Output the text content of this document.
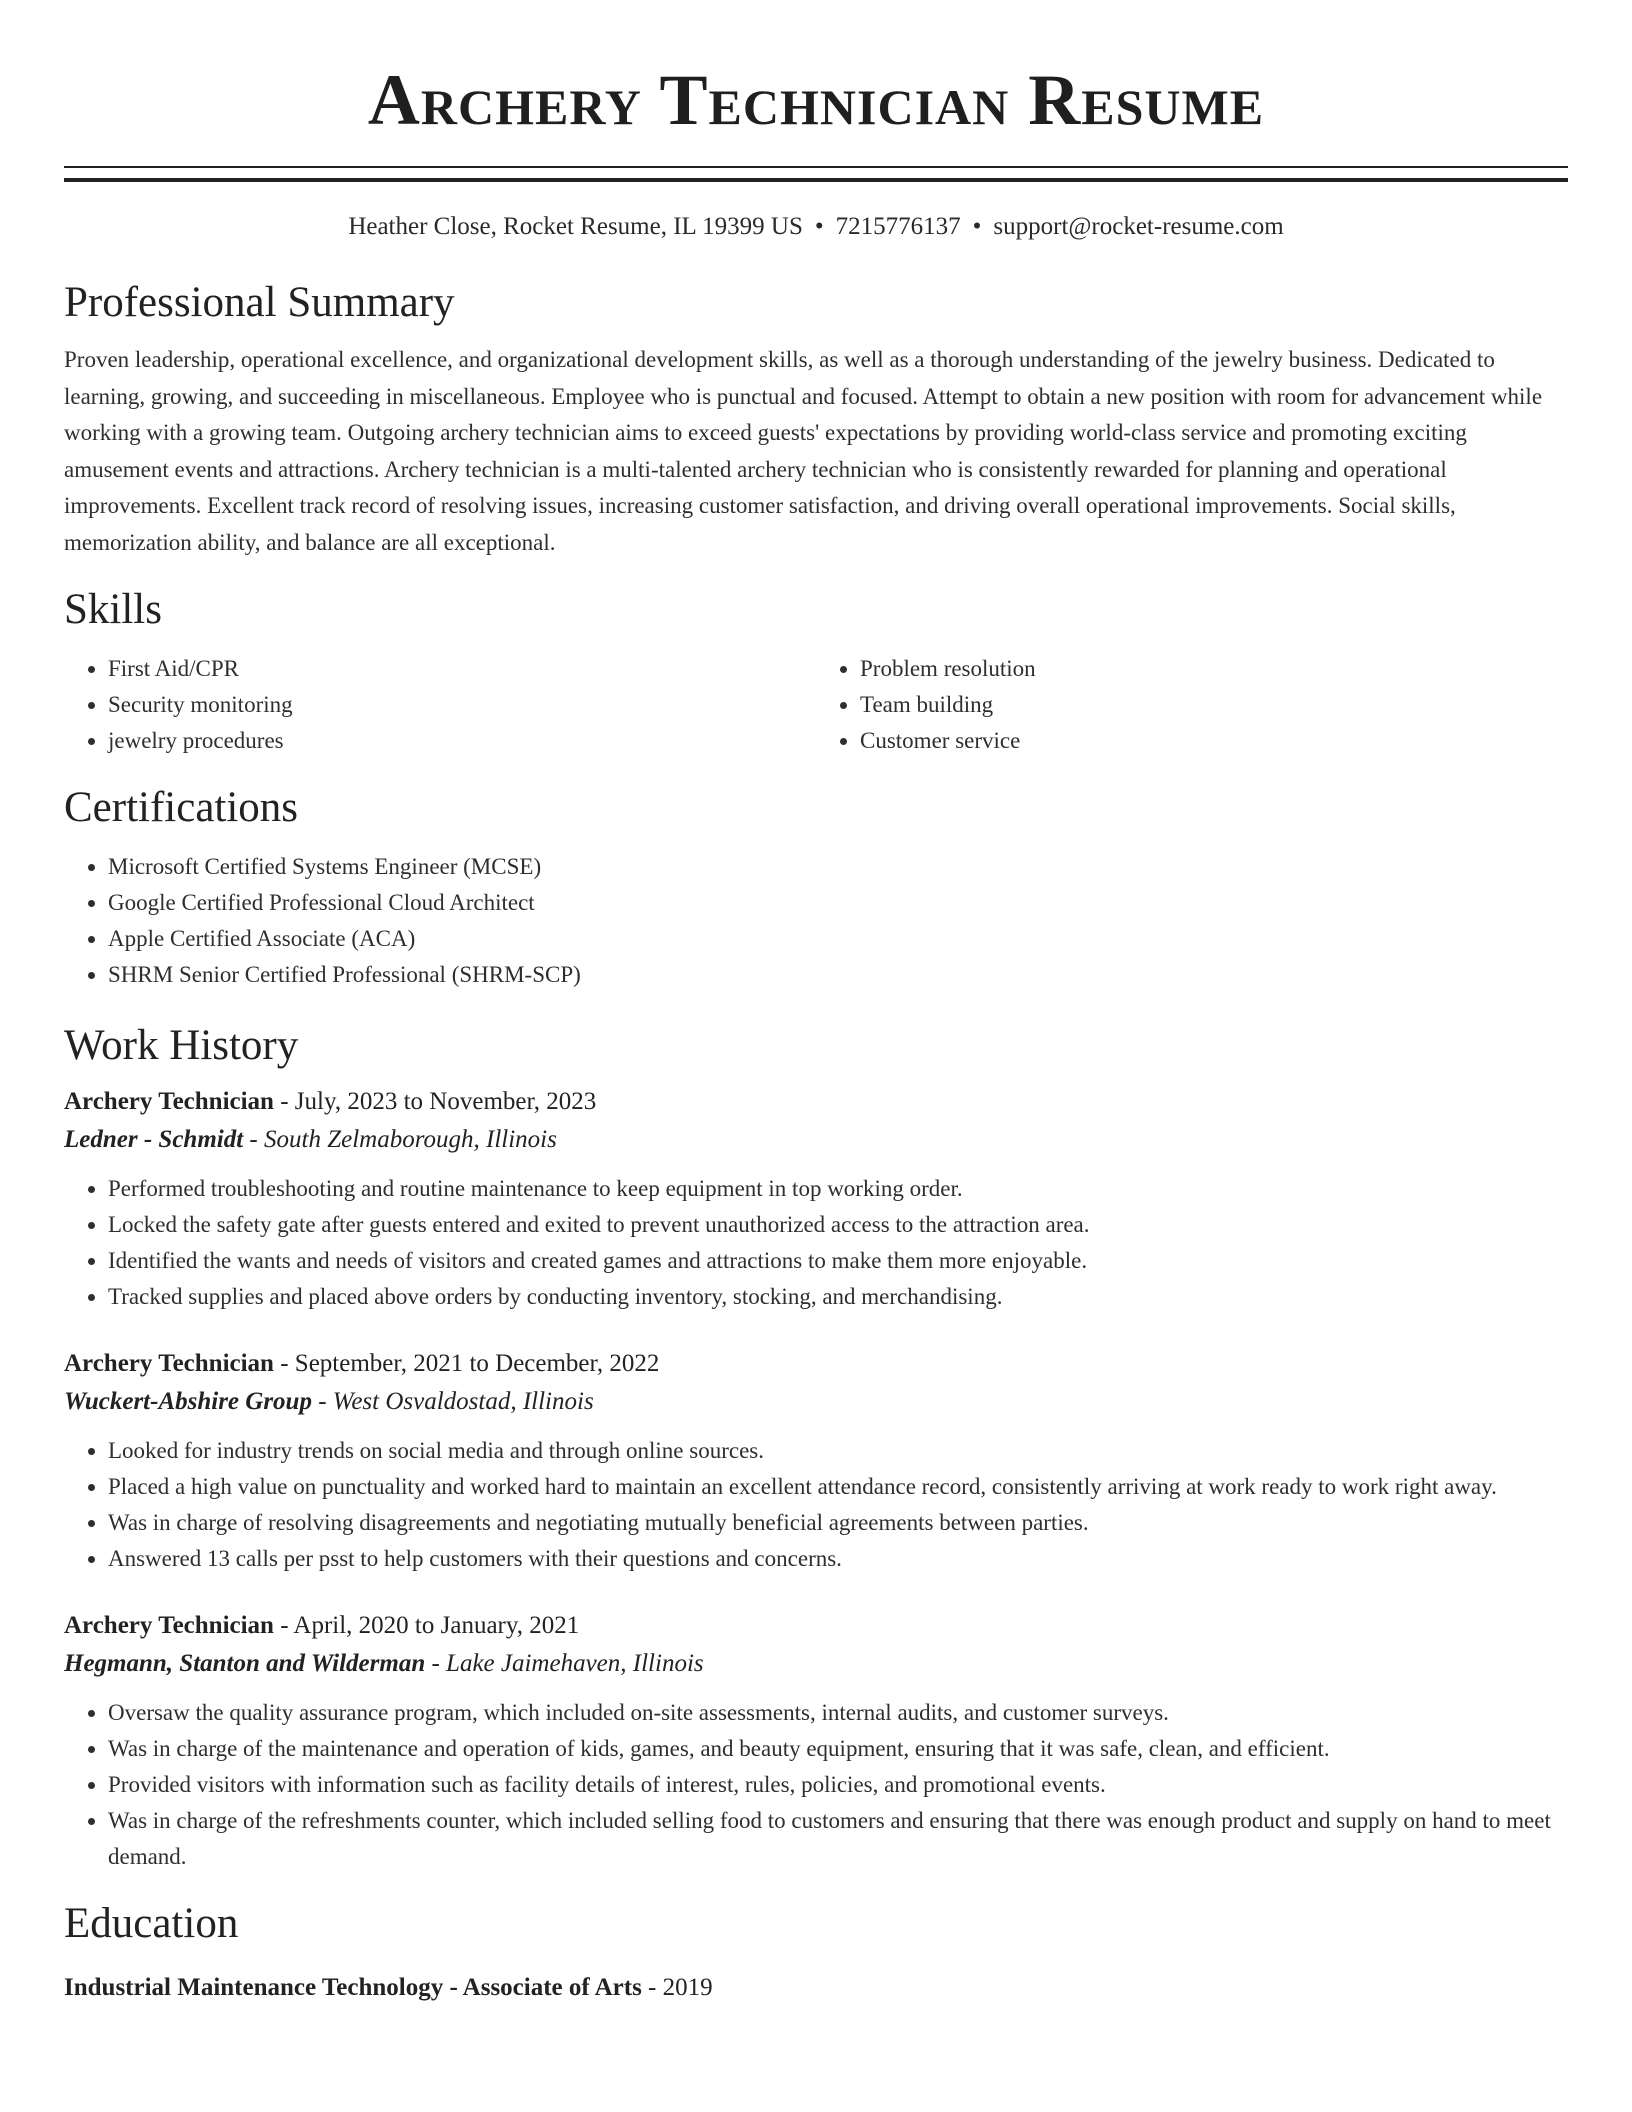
Archery Technician Resume
Heather Close, Rocket Resume, IL 19399 US • 7215776137 • support@rocket-resume.com
Professional Summary

Proven leadership, operational excellence, and organizational development skills, as well as a thorough understanding of the jewelry business. Dedicated to learning, growing, and succeeding in miscellaneous. Employee who is punctual and focused. Attempt to obtain a new position with room for advancement while working with a growing team. Outgoing archery technician aims to exceed guests' expectations by providing world-class service and promoting exciting amusement events and attractions. Archery technician is a multi-talented archery technician who is consistently rewarded for planning and operational improvements. Excellent track record of resolving issues, increasing customer satisfaction, and driving overall operational improvements. Social skills, memorization ability, and balance are all exceptional.

Skills
• First Aid/CPR
• Security monitoring
• jewelry procedures
• Problem resolution
• Team building
• Customer service
Certifications
• Microsoft Certified Systems Engineer (MCSE)
• Google Certified Professional Cloud Architect
• Apple Certified Associate (ACA)
• SHRM Senior Certified Professional (SHRM-SCP)
Work History
Archery Technician - July, 2023 to November, 2023
Ledner - Schmidt - South Zelmaborough, Illinois
• Performed troubleshooting and routine maintenance to keep equipment in top working order.
• Locked the safety gate after guests entered and exited to prevent unauthorized access to the attraction area.
• Identified the wants and needs of visitors and created games and attractions to make them more enjoyable.
• Tracked supplies and placed above orders by conducting inventory, stocking, and merchandising.
Archery Technician - September, 2021 to December, 2022
Wuckert-Abshire Group - West Osvaldostad, Illinois
• Looked for industry trends on social media and through online sources.
• Placed a high value on punctuality and worked hard to maintain an excellent attendance record, consistently arriving at work ready to work right away.
• Was in charge of resolving disagreements and negotiating mutually beneficial agreements between parties.
• Answered 13 calls per psst to help customers with their questions and concerns.
Archery Technician - April, 2020 to January, 2021
Hegmann, Stanton and Wilderman - Lake Jaimehaven, Illinois
• Oversaw the quality assurance program, which included on-site assessments, internal audits, and customer surveys.
• Was in charge of the maintenance and operation of kids, games, and beauty equipment, ensuring that it was safe, clean, and efficient.
• Provided visitors with information such as facility details of interest, rules, policies, and promotional events.
• Was in charge of the refreshments counter, which included selling food to customers and ensuring that there was enough product and supply on hand to meet demand.
Education
Industrial Maintenance Technology - Associate of Arts - 2019
